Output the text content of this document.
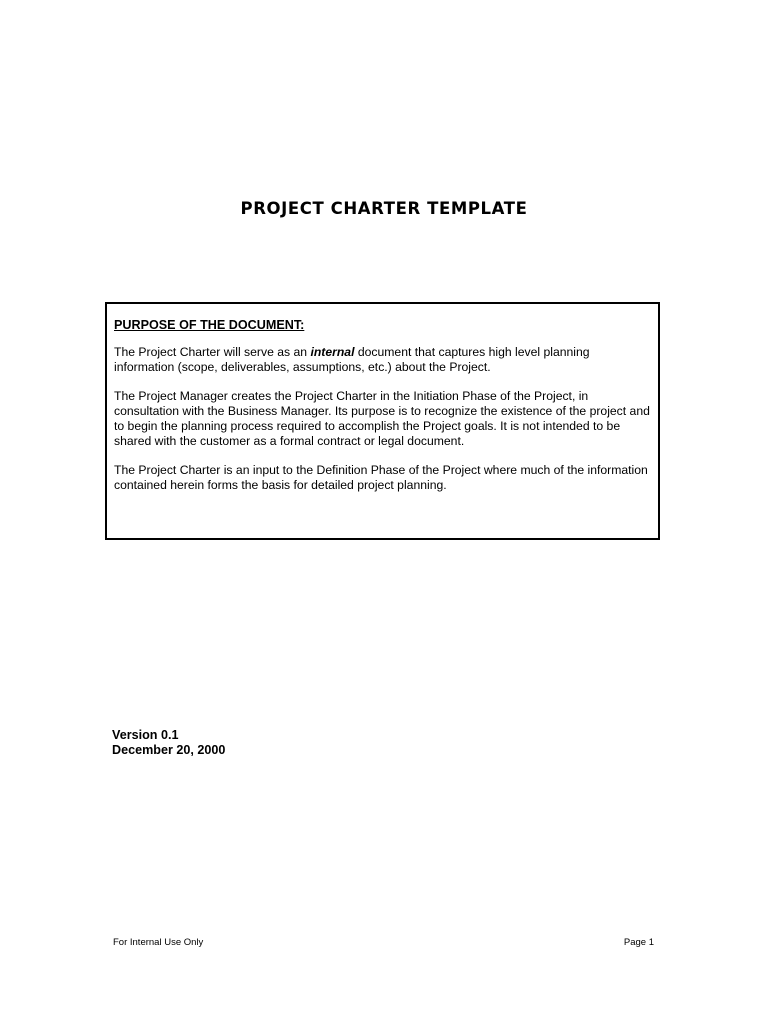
PROJECT CHARTER TEMPLATE
PURPOSE OF THE DOCUMENT:

The Project Charter will serve as an internal document that captures high level planning information (scope, deliverables, assumptions, etc.) about the Project.

The Project Manager creates the Project Charter in the Initiation Phase of the Project, in consultation with the Business Manager. Its purpose is to recognize the existence of the project and to begin the planning process required to accomplish the Project goals. It is not intended to be shared with the customer as a formal contract or legal document.

The Project Charter is an input to the Definition Phase of the Project where much of the information contained herein forms the basis for detailed project planning.

Version 0.1
December 20, 2000
For Internal Use Only	Page 1
